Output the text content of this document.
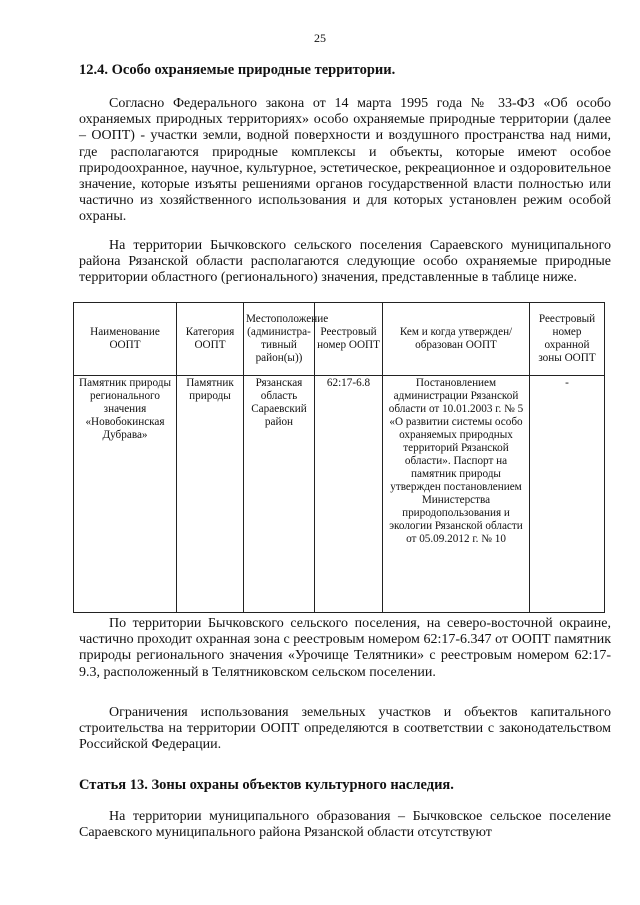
25
12.4. Особо охраняемые природные территории.

Согласно Федерального закона от 14 марта 1995 года № 33-ФЗ «Об особо охраняемых природных территориях» особо охраняемые природные территории (далее – ООПТ) - участки земли, водной поверхности и воздушного пространства над ними, где располагаются природные комплексы и объекты, которые имеют особое природоохранное, научное, культурное, эстетическое, рекреационное и оздоровительное значение, которые изъяты решениями органов государственной власти полностью или частично из хозяйственного использования и для которых установлен режим особой охраны.

На территории Бычковского сельского поселения Сараевского муниципального района Рязанской области располагаются следующие особо охраняемые природные территории областного (регионального) значения, представленные в таблице ниже.

Наименование ООПТ	Категория ООПТ	Местоположение (административный район(ы))	Реестровый номер ООПТ	Кем и когда утвержден/ образован ООПТ	Реестровый номер охранной зоны ООПТ
Памятник природы регионального значения «Новобокинская Дубрава»	Памятник природы	Рязанская область Сараевский район	62:17-6.8	Постановлением администрации Рязанской области от 10.01.2003 г. № 5 «О развитии системы особо охраняемых природных территорий Рязанской области». Паспорт на памятник природы утвержден постановлением Министерства природопользования и экологии Рязанской области от 05.09.2012 г. № 10	-

По территории Бычковского сельского поселения, на северо-восточной окраине, частично проходит охранная зона с реестровым номером 62:17-6.347 от ООПТ памятник природы регионального значения «Урочище Телятники» с реестровым номером 62:17-9.3, расположенный в Телятниковском сельском поселении.

Ограничения использования земельных участков и объектов капитального строительства на территории ООПТ определяются в соответствии с законодательством Российской Федерации.

Статья 13. Зоны охраны объектов культурного наследия.

На территории муниципального образования – Бычковское сельское поселение Сараевского муниципального района Рязанской области отсутствуют
